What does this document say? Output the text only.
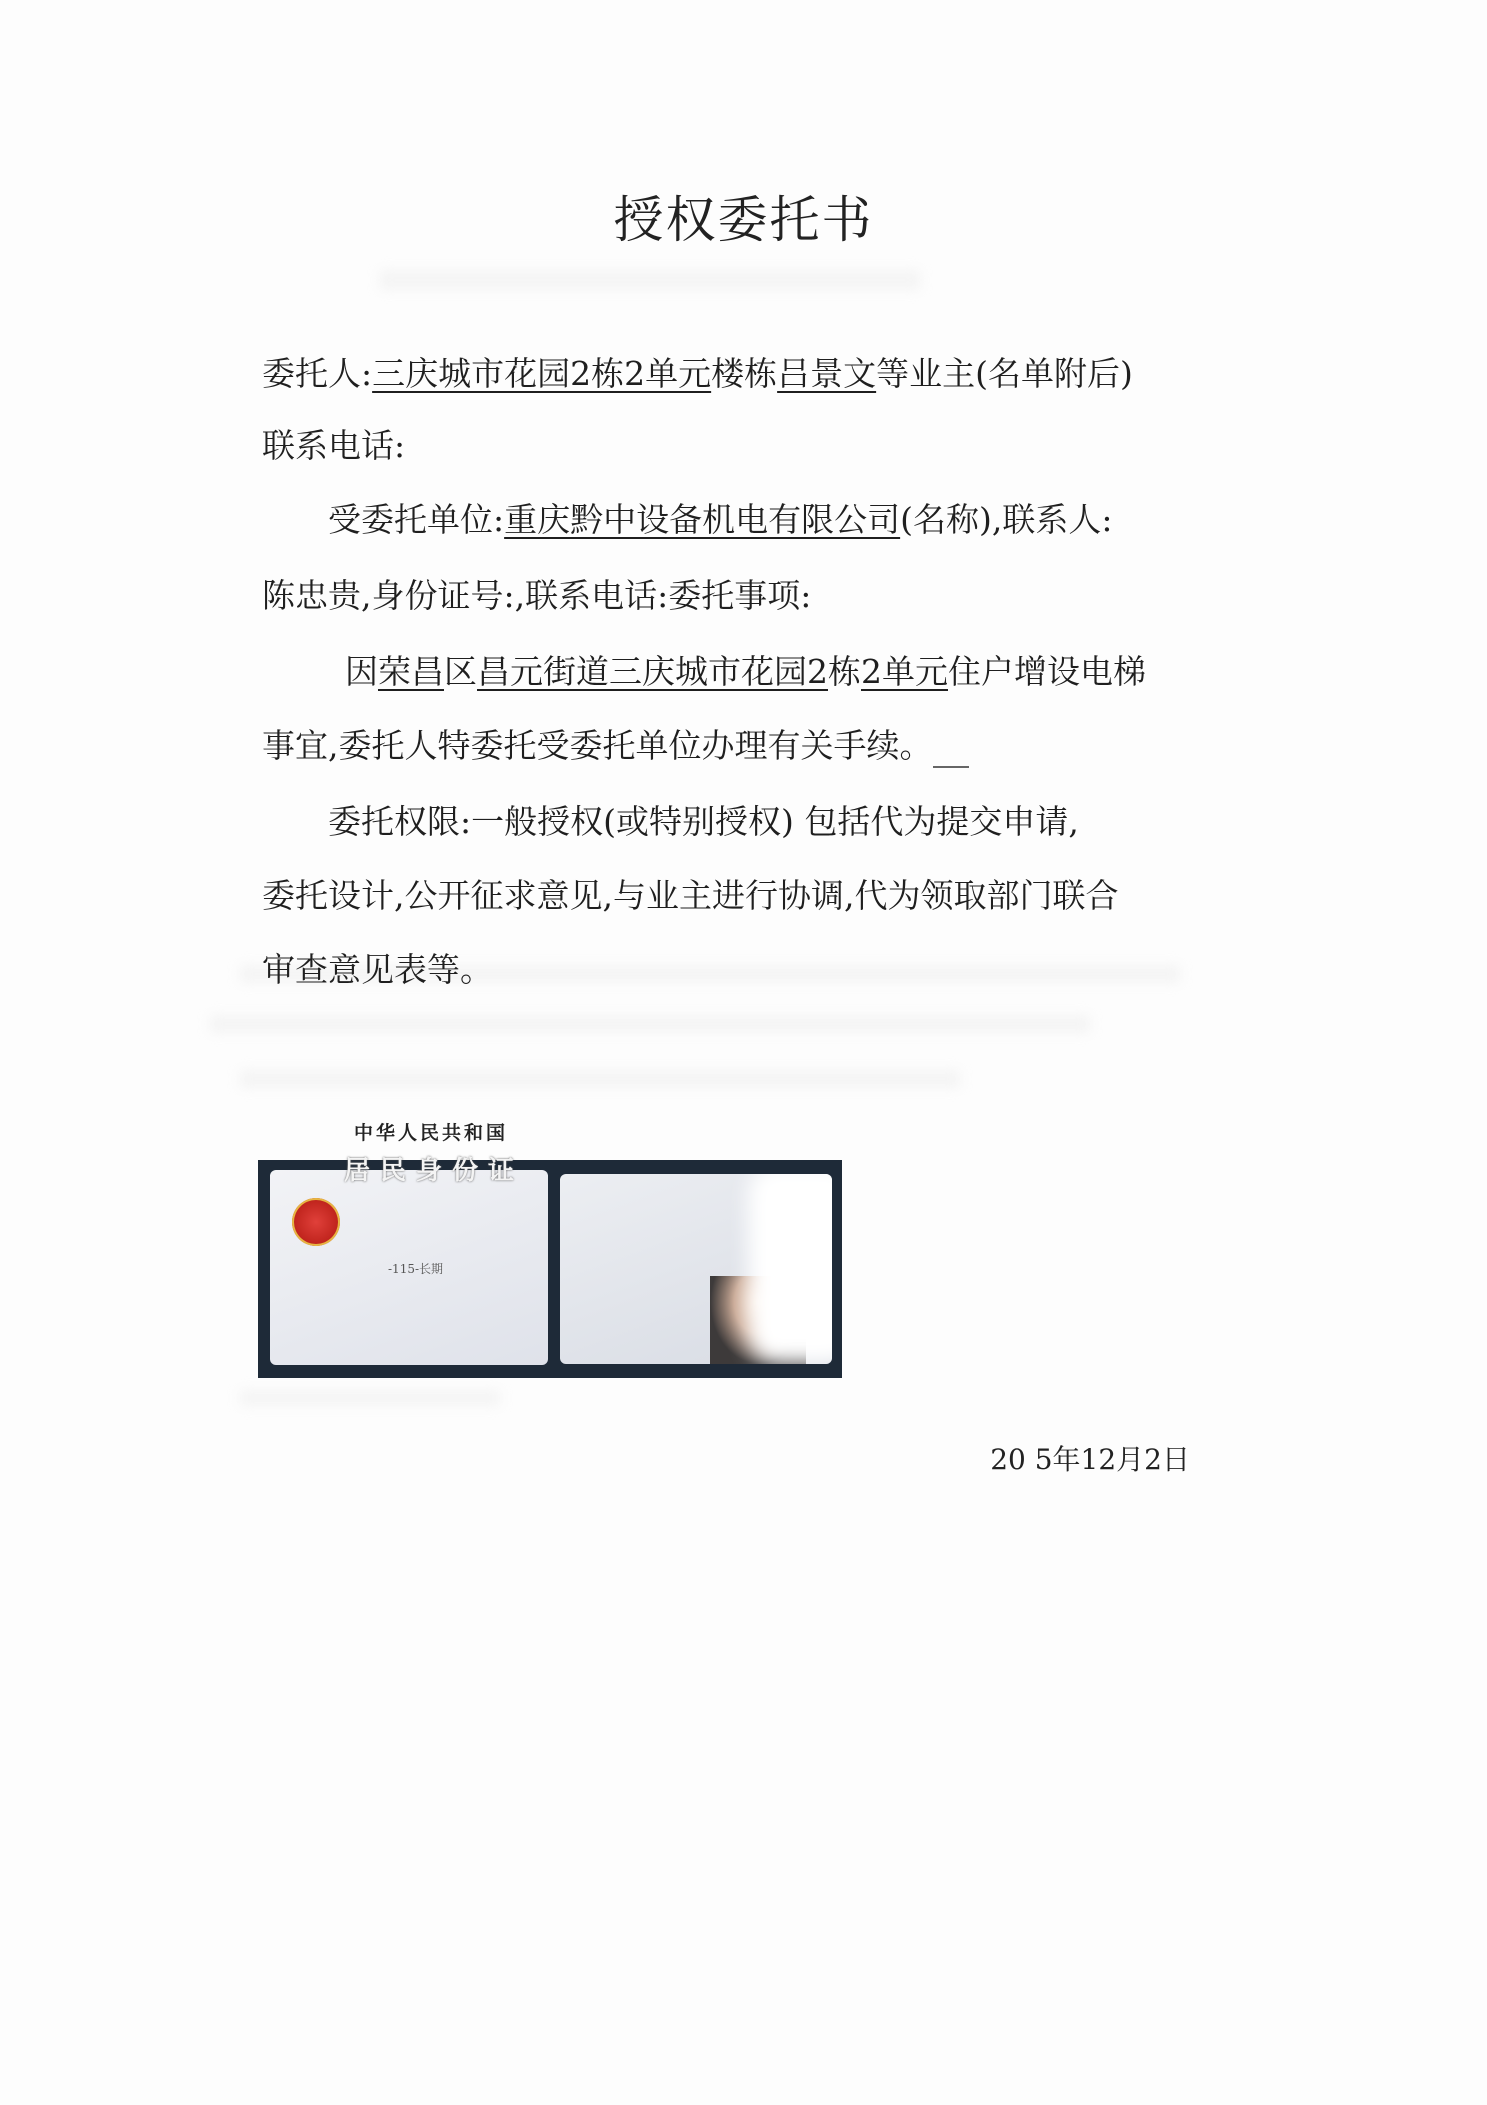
授权委托书
委托人:三庆城市花园2栋2单元楼栋吕景文等业主(名单附后)
联系电话:
受委托单位:重庆黔中设备机电有限公司(名称),联系人:
陈忠贵,身份证号:,联系电话:委托事项:
因荣昌区昌元街道三庆城市花园2栋2单元住户增设电梯
事宜,委托人特委托受委托单位办理有关手续。
委托权限:一般授权(或特别授权) 包括代为提交申请,
委托设计,公开征求意见,与业主进行协调,代为领取部门联合
审查意见表等。
中华人民共和国
-115-长期
居民身份证
20 5年12月2日
